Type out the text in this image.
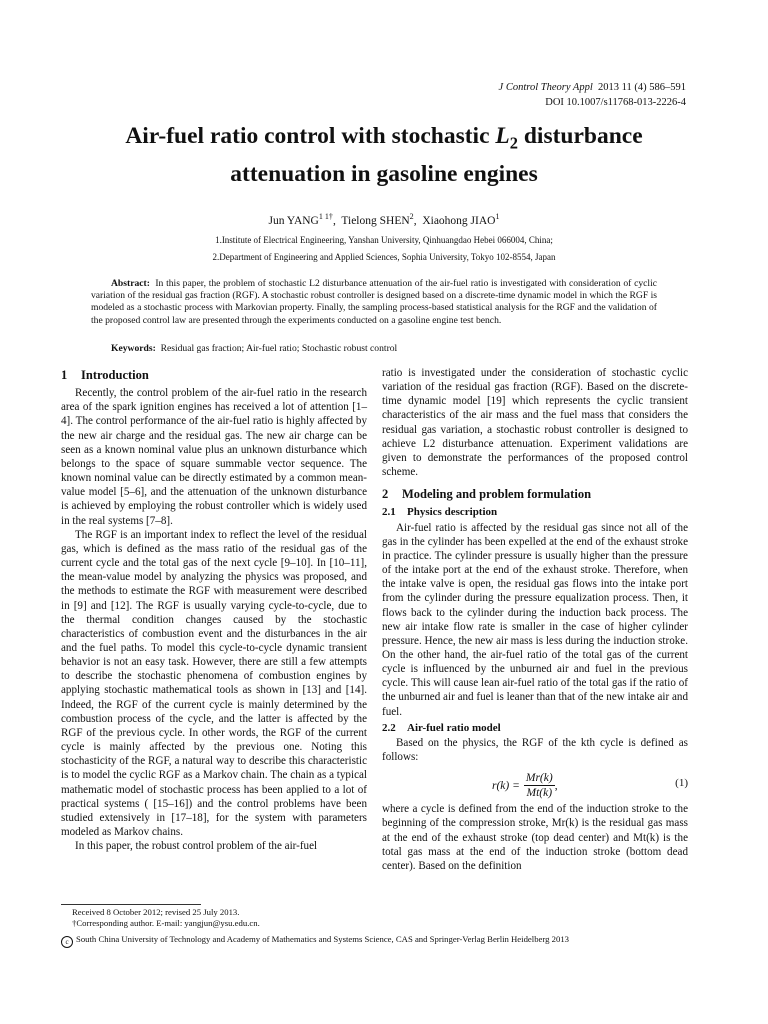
J Control Theory Appl 2013 11 (4) 586–591
DOI 10.1007/s11768-013-2226-4
Air-fuel ratio control with stochastic $L_2$ disturbance
attenuation in gasoline engines
Jun $YANG^{1 1\dagger}$,  Tielong SHEN$^2$,  Xiaohong JIAO$^1$
1.Institute of Electrical Engineering, Yanshan University, Qinhuangdao Hebei 066004, China;
2.Department of Engineering and Applied Sciences, Sophia University, Tokyo 102-8554, Japan
Abstract: In this paper, the problem of stochastic L2 disturbance attenuation of the air-fuel ratio is investigated with consideration of cyclic variation of the residual gas fraction (RGF). A stochastic robust controller is designed based on a discrete-time dynamic model in which the RGF is modeled as a stochastic process with Markovian property. Finally, the sampling process-based statistical analysis for the RGF and the validation of the proposed control law are presented through the experiments conducted on a gasoline engine test bench.
Keywords: Residual gas fraction; Air-fuel ratio; Stochastic robust control
1 Introduction

Recently, the control problem of the air-fuel ratio in the research area of the spark ignition engines has received a lot of attention [1–4]. The control performance of the air-fuel ratio is highly affected by the new air charge and the residual gas. The new air charge can be seen as a known nominal value plus an unknown disturbance which belongs to the space of square summable vector sequence. The known nominal value can be directly estimated by a common mean-value model [5–6], and the attenuation of the unknown disturbance is achieved by employing the robust controller which is widely used in the real systems [7–8].

The RGF is an important index to reflect the level of the residual gas, which is defined as the mass ratio of the residual gas of the current cycle and the total gas of the next cycle [9–10]. In [10–11], the mean-value model by analyzing the physics was proposed, and the methods to estimate the RGF with measurement were described in [9] and [12]. The RGF is usually varying cycle-to-cycle, due to the thermal condition changes caused by the stochastic characteristics of combustion event and the disturbances in the air and the fuel paths. To model this cycle-to-cycle dynamic transient behavior is not an easy task. However, there are still a few attempts to describe the stochastic phenomena of combustion engines by applying stochastic mathematical tools as shown in [13] and [14]. Indeed, the RGF of the current cycle is mainly determined by the combustion process of the cycle, and the latter is affected by the RGF of the previous cycle. In other words, the RGF of the current cycle is mainly affected by the previous one. Noting this stochasticity of the RGF, a natural way to describe this characteristic is to model the cyclic RGF as a Markov chain. The chain as a typical mathematic model of stochastic process has been applied to a lot of practical systems ( [15–16]) and the control problems have been studied extensively in [17–18], for the system with parameters modeled as Markov chains.

In this paper, the robust control problem of the air-fuel

ratio is investigated under the consideration of stochastic cyclic variation of the residual gas fraction (RGF). Based on the discrete-time dynamic model [19] which represents the cyclic transient characteristics of the air mass and the fuel mass that considers the residual gas variation, a stochastic robust controller is designed to achieve L2 disturbance attenuation. Experiment validations are given to demonstrate the performances of the proposed control scheme.

2 Modeling and problem formulation
2.1 Physics description

Air-fuel ratio is affected by the residual gas since not all of the gas in the cylinder has been expelled at the end of the exhaust stroke in practice. The cylinder pressure is usually higher than the pressure of the intake port at the end of the exhaust stroke. Therefore, when the intake valve is open, the residual gas flows into the intake port from the cylinder during the pressure equalization process. Then, it flows back to the cylinder during the induction back process. The new air intake flow rate is smaller in the case of higher cylinder pressure. Hence, the new air mass is less during the induction stroke. On the other hand, the air-fuel ratio of the total gas of the current cycle is influenced by the unburned air and fuel in the previous cycle. This will cause lean air-fuel ratio of the total gas if the ratio of the unburned air and fuel is leaner than that of the new intake air and fuel.

2.2 Air-fuel ratio model

Based on the physics, the RGF of the kth cycle is defined as follows:

$r(k) = \frac{Mr(k)}{Mt(k)}$ ,	(1)

where a cycle is defined from the end of the induction stroke to the beginning of the compression stroke, Mr(k) is the residual gas mass at the end of the exhaust stroke (top dead center) and Mt(k) is the total gas mass at the end of the induction stroke (bottom dead center). Based on the definition

Received 8 October 2012; revised 25 July 2013.
†Corresponding author. E-mail: yangjun@ysu.edu.cn.
c South China University of Technology and Academy of Mathematics and Systems Science, CAS and Springer-Verlag Berlin Heidelberg 2013
